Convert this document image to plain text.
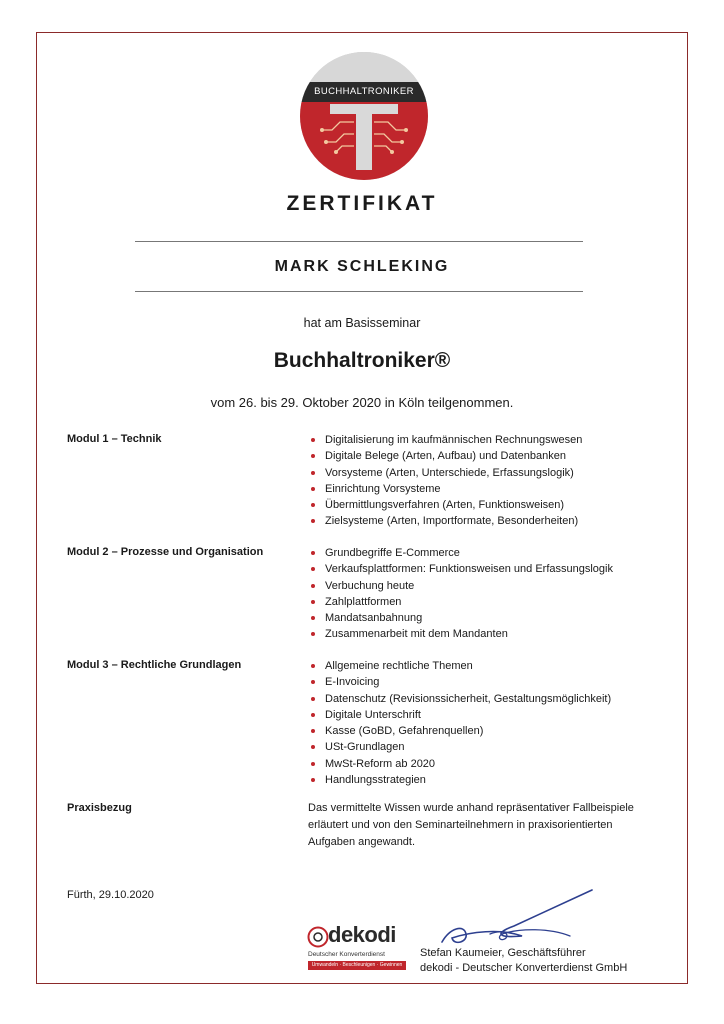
BUCHHALTRONIKER
ZERTIFIKAT
MARK SCHLEKING
hat am Basisseminar
Buchhaltroniker®
vom 26. bis 29. Oktober 2020 in Köln teilgenommen.
Modul 1 – Technik	Digitalisierung im kaufmännischen Rechnungswesen
Digitale Belege (Arten, Aufbau) und Datenbanken
Vorsysteme (Arten, Unterschiede, Erfassungslogik)
Einrichtung Vorsysteme
Übermittlungsverfahren (Arten, Funktionsweisen)
Zielsysteme (Arten, Importformate, Besonderheiten)
Modul 2 – Prozesse und Organisation	Grundbegriffe E-Commerce
Verkaufsplattformen: Funktionsweisen und Erfassungslogik
Verbuchung heute
Zahlplattformen
Mandatsanbahnung
Zusammenarbeit mit dem Mandanten
Modul 3 – Rechtliche Grundlagen	Allgemeine rechtliche Themen
E-Invoicing
Datenschutz (Revisionssicherheit, Gestaltungsmöglichkeit)
Digitale Unterschrift
Kasse (GoBD, Gefahrenquellen)
USt-Grundlagen
MwSt-Reform ab 2020
Handlungsstrategien
Praxisbezug	Das vermittelte Wissen wurde anhand repräsentativer Fallbeispiele erläutert und von den Seminarteilnehmern in praxisorientierten Aufgaben angewandt.
Fürth, 29.10.2020
dekodi
Deutscher Konverterdienst
Umwandeln · Beschleunigen · Gewinnen
Stefan Kaumeier, Geschäftsführer
dekodi - Deutscher Konverterdienst GmbH
